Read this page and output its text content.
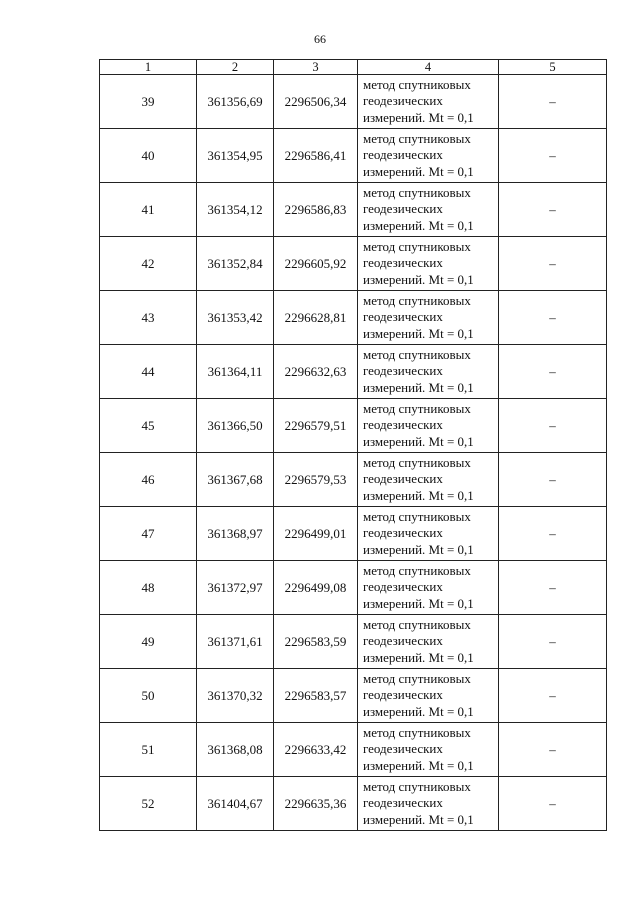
66
1	2	3	4	5
39	361356,69	2296506,34	метод спутниковых
геодезических
измерений. Mt = 0,1	–
40	361354,95	2296586,41	метод спутниковых
геодезических
измерений. Mt = 0,1	–
41	361354,12	2296586,83	метод спутниковых
геодезических
измерений. Mt = 0,1	–
42	361352,84	2296605,92	метод спутниковых
геодезических
измерений. Mt = 0,1	–
43	361353,42	2296628,81	метод спутниковых
геодезических
измерений. Mt = 0,1	–
44	361364,11	2296632,63	метод спутниковых
геодезических
измерений. Mt = 0,1	–
45	361366,50	2296579,51	метод спутниковых
геодезических
измерений. Mt = 0,1	–
46	361367,68	2296579,53	метод спутниковых
геодезических
измерений. Mt = 0,1	–
47	361368,97	2296499,01	метод спутниковых
геодезических
измерений. Mt = 0,1	–
48	361372,97	2296499,08	метод спутниковых
геодезических
измерений. Mt = 0,1	–
49	361371,61	2296583,59	метод спутниковых
геодезических
измерений. Mt = 0,1	–
50	361370,32	2296583,57	метод спутниковых
геодезических
измерений. Mt = 0,1	–
51	361368,08	2296633,42	метод спутниковых
геодезических
измерений. Mt = 0,1	–
52	361404,67	2296635,36	метод спутниковых
геодезических
измерений. Mt = 0,1	–
